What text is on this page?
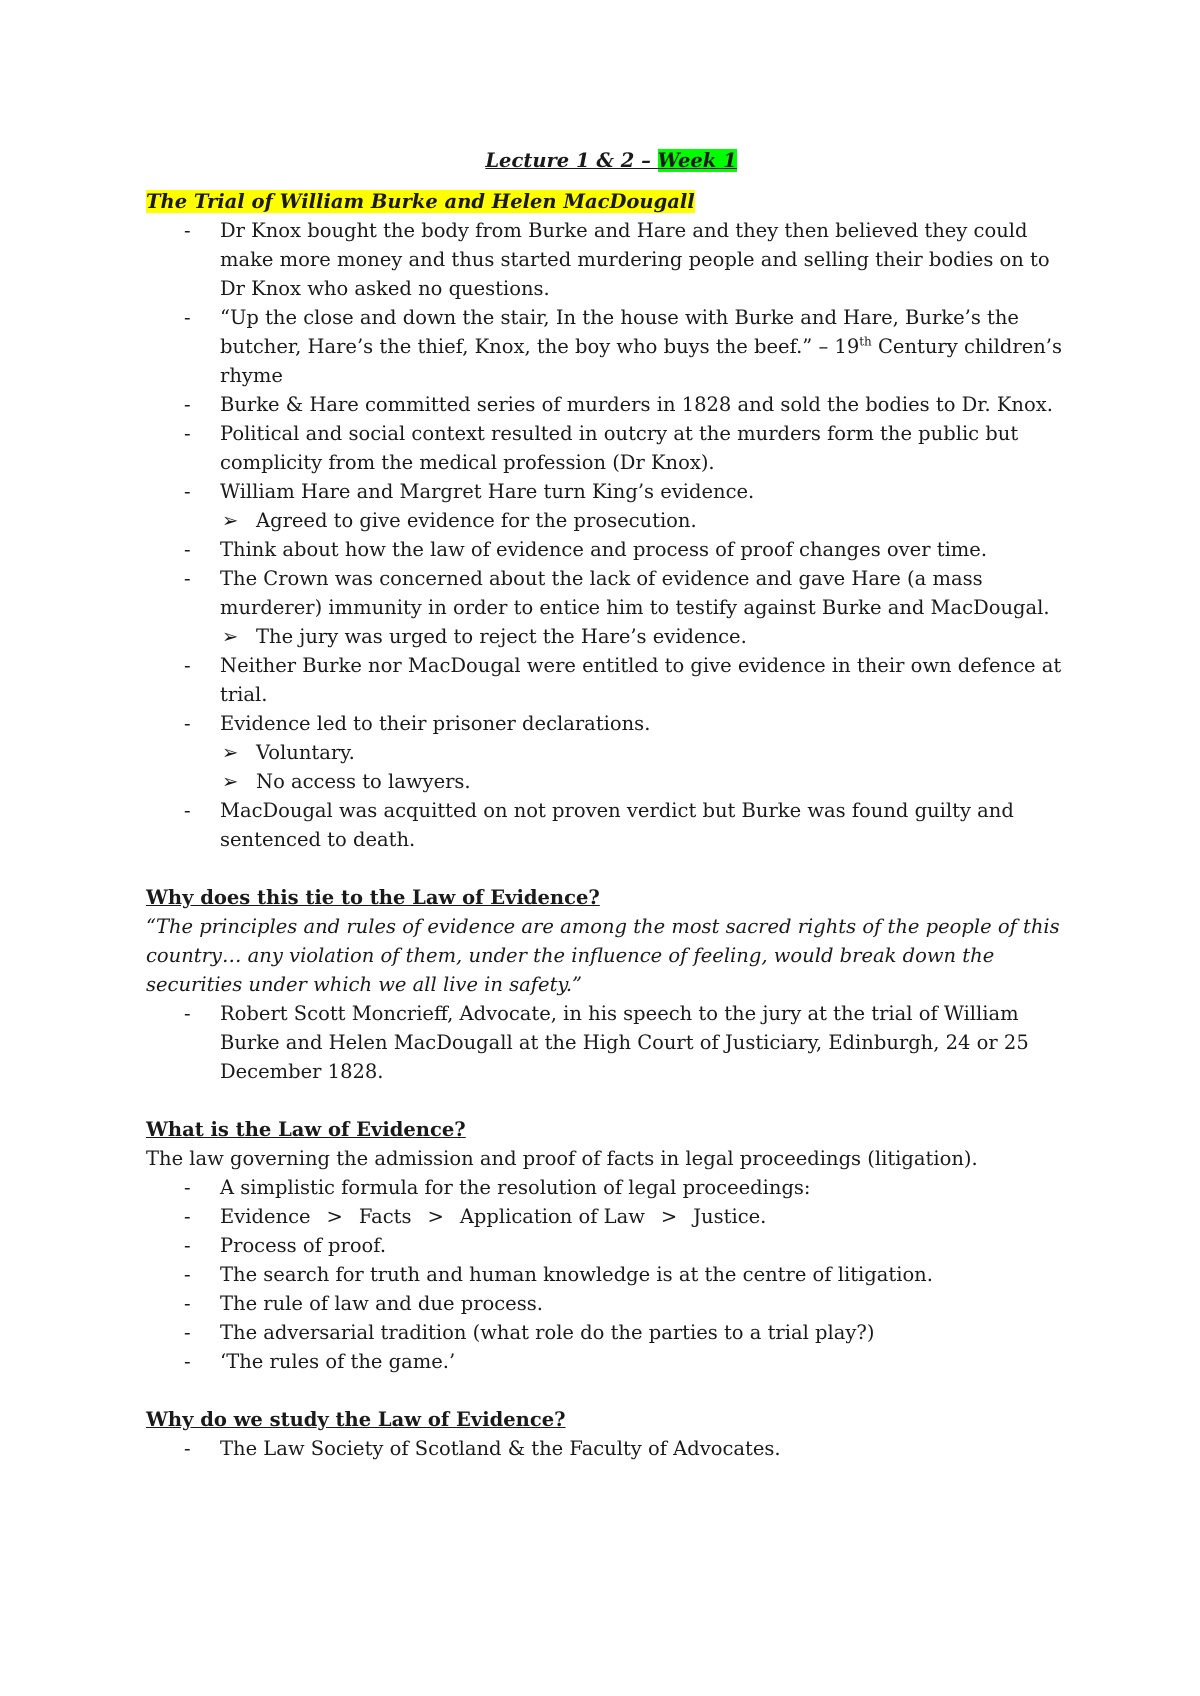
Lecture 1 & 2 – Week 1

The Trial of William Burke and Helen MacDougall

- Dr Knox bought the body from Burke and Hare and they then believed they could make more money and thus started murdering people and selling their bodies on to Dr Knox who asked no questions.
- “Up the close and down the stair, In the house with Burke and Hare, Burke’s the butcher, Hare’s the thief, Knox, the boy who buys the beef.” – 19th Century children’s rhyme
- Burke & Hare committed series of murders in 1828 and sold the bodies to Dr. Knox.
- Political and social context resulted in outcry at the murders form the public but complicity from the medical profession (Dr Knox).
- William Hare and Margret Hare turn King’s evidence.
➢ Agreed to give evidence for the prosecution.
- Think about how the law of evidence and process of proof changes over time.
- The Crown was concerned about the lack of evidence and gave Hare (a mass murderer) immunity in order to entice him to testify against Burke and MacDougal.
➢ The jury was urged to reject the Hare’s evidence.
- Neither Burke nor MacDougal were entitled to give evidence in their own defence at trial.
- Evidence led to their prisoner declarations.
➢ Voluntary.
➢ No access to lawyers.
- MacDougal was acquitted on not proven verdict but Burke was found guilty and sentenced to death.

Why does this tie to the Law of Evidence?

“The principles and rules of evidence are among the most sacred rights of the people of this country… any violation of them, under the influence of feeling, would break down the securities under which we all live in safety.”

- Robert Scott Moncrieff, Advocate, in his speech to the jury at the trial of William Burke and Helen MacDougall at the High Court of Justiciary, Edinburgh, 24 or 25 December 1828.

What is the Law of Evidence?

The law governing the admission and proof of facts in legal proceedings (litigation).

- A simplistic formula for the resolution of legal proceedings:
- Evidence > Facts > Application of Law > Justice.
- Process of proof.
- The search for truth and human knowledge is at the centre of litigation.
- The rule of law and due process.
- The adversarial tradition (what role do the parties to a trial play?)
- ‘The rules of the game.’

Why do we study the Law of Evidence?

- The Law Society of Scotland & the Faculty of Advocates.
